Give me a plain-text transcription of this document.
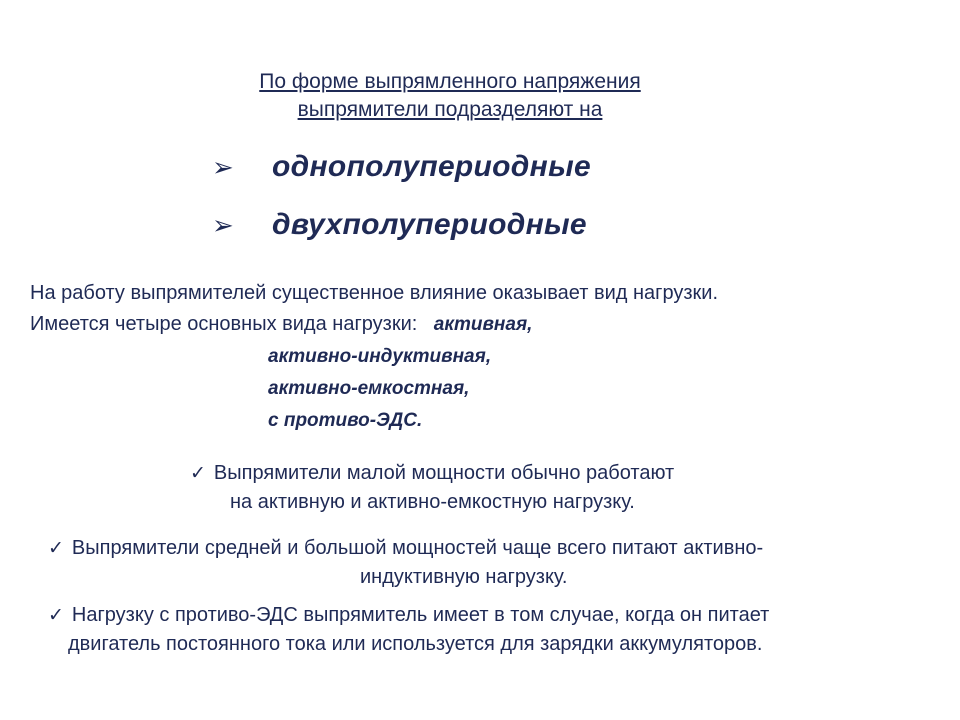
По форме выпрямленного напряжения
выпрямители подразделяют на
➢	однополупериодные
➢	двухполупериодные
На работу выпрямителей существенное влияние оказывает вид нагрузки.
Имеется четыре основных вида нагрузки: активная,
активно-индуктивная,
активно-емкостная,
с противо-ЭДС.
✓ Выпрямители малой мощности обычно работают
на активную и активно-емкостную нагрузку.
✓ Выпрямители средней и большой мощностей чаще всего питают активно-
индуктивную нагрузку.
✓ Нагрузку с противо-ЭДС выпрямитель имеет в том случае, когда он питает
двигатель постоянного тока или используется для зарядки аккумуляторов.
